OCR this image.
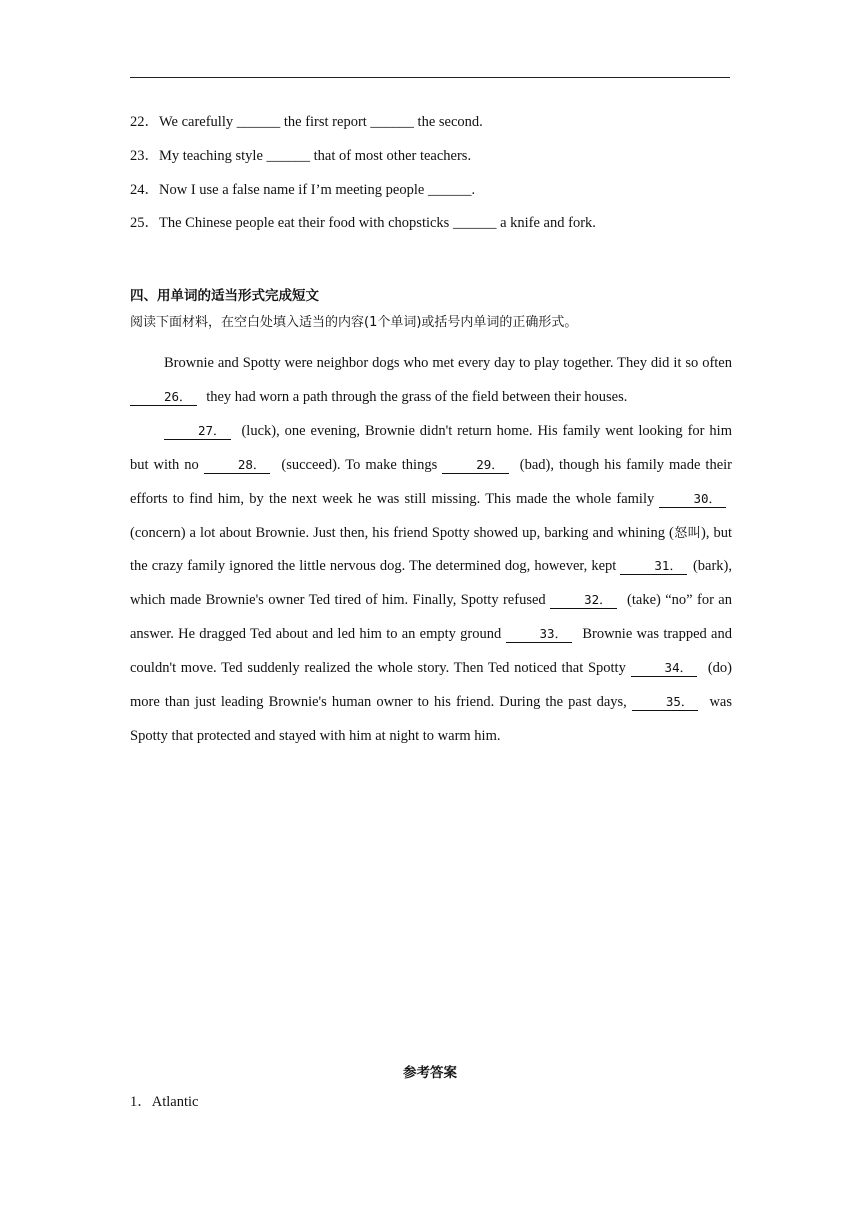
22．We carefully ______ the first report ______ the second.
23．My teaching style ______ that of most other teachers.
24．Now I use a false name if I’m meeting people ______.
25．The Chinese people eat their food with chopsticks ______ a knife and fork.
四、用单词的适当形式完成短文
阅读下面材料，在空白处填入适当的内容(1个单词)或括号内单词的正确形式。

Brownie and Spotty were neighbor dogs who met every day to play together. They did it so often 26． they had worn a path through the grass of the field between their houses.

27． (luck), one evening, Brownie didn't return home. His family went looking for him but with no	28． (succeed). To make things	29． (bad), though his family made their efforts to find him, by the next week he was still missing. This made the whole family	30． (concern) a lot about Brownie. Just then, his friend Spotty showed up, barking and whining (怒叫), but the crazy family ignored the little nervous dog. The determined dog, however, kept	31． (bark), which made Brownie's owner Ted tired of him. Finally, Spotty refused	32． (take) “no” for an answer. He dragged Ted about and led him to an empty ground	33． Brownie was trapped and couldn't move. Ted suddenly realized the whole story. Then Ted noticed that Spotty	34． (do) more than just leading Brownie's human owner to his friend. During the past days,	35． was Spotty that protected and stayed with him at night to warm him.

参考答案
1．Atlantic
